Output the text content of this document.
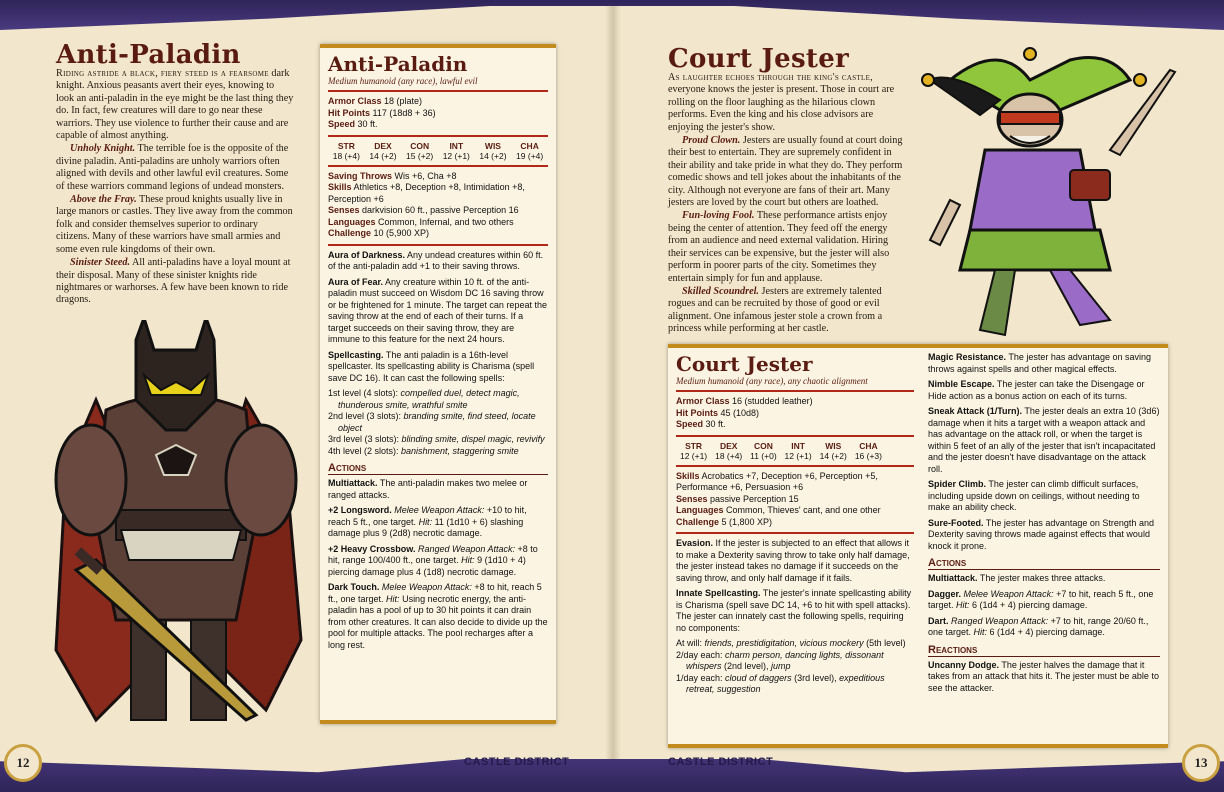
Anti-Paladin

Riding astride a black, fiery steed is a fearsome dark knight. Anxious peasants avert their eyes, knowing to look an anti-paladin in the eye might be the last thing they do. In fact, few creatures will dare to go near these warriors. They use violence to further their cause and are capable of almost anything.

Unholy Knight. The terrible foe is the opposite of the divine paladin. Anti-paladins are unholy warriors often aligned with devils and other lawful evil creatures. Some of these warriors command legions of undead monsters.

Above the Fray. These proud knights usually live in large manors or castles. They live away from the common folk and consider themselves superior to ordinary citizens. Many of these warriors have small armies and some even rule kingdoms of their own.

Sinister Steed. All anti-paladins have a loyal mount at their disposal. Many of these sinister knights ride nightmares or warhorses. A few have been known to ride dragons.

Anti-Paladin
Medium humanoid (any race), lawful evil
Armor Class 18 (plate)
Hit Points 117 (18d8 + 36)
Speed 30 ft.
STR	DEX	CON	INT	WIS	CHA
18 (+4)	14 (+2)	15 (+2)	12 (+1)	14 (+2)	19 (+4)
Saving Throws Wis +6, Cha +8
Skills Athletics +8, Deception +8, Intimidation +8, Perception +6
Senses darkvision 60 ft., passive Perception 16
Languages Common, Infernal, and two others
Challenge 10 (5,900 XP)
Aura of Darkness. Any undead creatures within 60 ft. of the anti-paladin add +1 to their saving throws.
Aura of Fear. Any creature within 10 ft. of the anti-paladin must succeed on Wisdom DC 16 saving throw or be frightened for 1 minute. The target can repeat the saving throw at the end of each of their turns. If a target succeeds on their saving throw, they are immune to this feature for the next 24 hours.
Spellcasting. The anti paladin is a 16th-level spellcaster. Its spellcasting ability is Charisma (spell save DC 16). It can cast the following spells:
1st level (4 slots): compelled duel, detect magic, thunderous smite, wrathful smite
2nd level (3 slots): branding smite, find steed, locate object
3rd level (3 slots): blinding smite, dispel magic, revivify
4th level (2 slots): banishment, staggering smite
Actions
Multiattack. The anti-paladin makes two melee or ranged attacks.
+2 Longsword. Melee Weapon Attack: +10 to hit, reach 5 ft., one target. Hit: 11 (1d10 + 6) slashing damage plus 9 (2d8) necrotic damage.
+2 Heavy Crossbow. Ranged Weapon Attack: +8 to hit, range 100/400 ft., one target. Hit: 9 (1d10 + 4) piercing damage plus 4 (1d8) necrotic damage.
Dark Touch. Melee Weapon Attack: +8 to hit, reach 5 ft., one target. Hit: Using necrotic energy, the anti-paladin has a pool of up to 30 hit points it can drain from other creatures. It can also decide to divide up the pool for multiple attacks. The pool recharges after a long rest.
Court Jester

As laughter echoes through the king's castle, everyone knows the jester is present. Those in court are rolling on the floor laughing as the hilarious clown performs. Even the king and his close advisors are enjoying the jester's show.

Proud Clown. Jesters are usually found at court doing their best to entertain. They are supremely confident in their ability and take pride in what they do. They perform comedic shows and tell jokes about the inhabitants of the city. Although not everyone are fans of their art. Many jesters are loved by the court but others are loathed.

Fun-loving Fool. These performance artists enjoy being the center of attention. They feed off the energy from an audience and need external validation. Hiring their services can be expensive, but the jester will also perform in poorer parts of the city. Sometimes they entertain simply for fun and applause.

Skilled Scoundrel. Jesters are extremely talented rogues and can be recruited by those of good or evil alignment. One infamous jester stole a crown from a princess while performing at her castle.

Court Jester
Medium humanoid (any race), any chaotic alignment
Armor Class 16 (studded leather)
Hit Points 45 (10d8)
Speed 30 ft.
STR	DEX	CON	INT	WIS	CHA
12 (+1)	18 (+4)	11 (+0)	12 (+1)	14 (+2)	16 (+3)
Skills Acrobatics +7, Deception +6, Perception +5, Performance +6, Persuasion +6
Senses passive Perception 15
Languages Common, Thieves' cant, and one other
Challenge 5 (1,800 XP)
Evasion. If the jester is subjected to an effect that allows it to make a Dexterity saving throw to take only half damage, the jester instead takes no damage if it succeeds on the saving throw, and only half damage if it fails.
Innate Spellcasting. The jester's innate spellcasting ability is Charisma (spell save DC 14, +6 to hit with spell attacks). The jester can innately cast the following spells, requiring no components:
At will: friends, prestidigitation, vicious mockery (5th level)
2/day each: charm person, dancing lights, dissonant whispers (2nd level), jump
1/day each: cloud of daggers (3rd level), expeditious retreat, suggestion
Magic Resistance. The jester has advantage on saving throws against spells and other magical effects.
Nimble Escape. The jester can take the Disengage or Hide action as a bonus action on each of its turns.
Sneak Attack (1/Turn). The jester deals an extra 10 (3d6) damage when it hits a target with a weapon attack and has advantage on the attack roll, or when the target is within 5 feet of an ally of the jester that isn't incapacitated and the jester doesn't have disadvantage on the attack roll.
Spider Climb. The jester can climb difficult surfaces, including upside down on ceilings, without needing to make an ability check.
Sure-Footed. The jester has advantage on Strength and Dexterity saving throws made against effects that would knock it prone.
Actions
Multiattack. The jester makes three attacks.
Dagger. Melee Weapon Attack: +7 to hit, reach 5 ft., one target. Hit: 6 (1d4 + 4) piercing damage.
Dart. Ranged Weapon Attack: +7 to hit, range 20/60 ft., one target. Hit: 6 (1d4 + 4) piercing damage.
Reactions
Uncanny Dodge. The jester halves the damage that it takes from an attack that hits it. The jester must be able to see the attacker.
12	13
CASTLE DISTRICT	CASTLE DISTRICT
